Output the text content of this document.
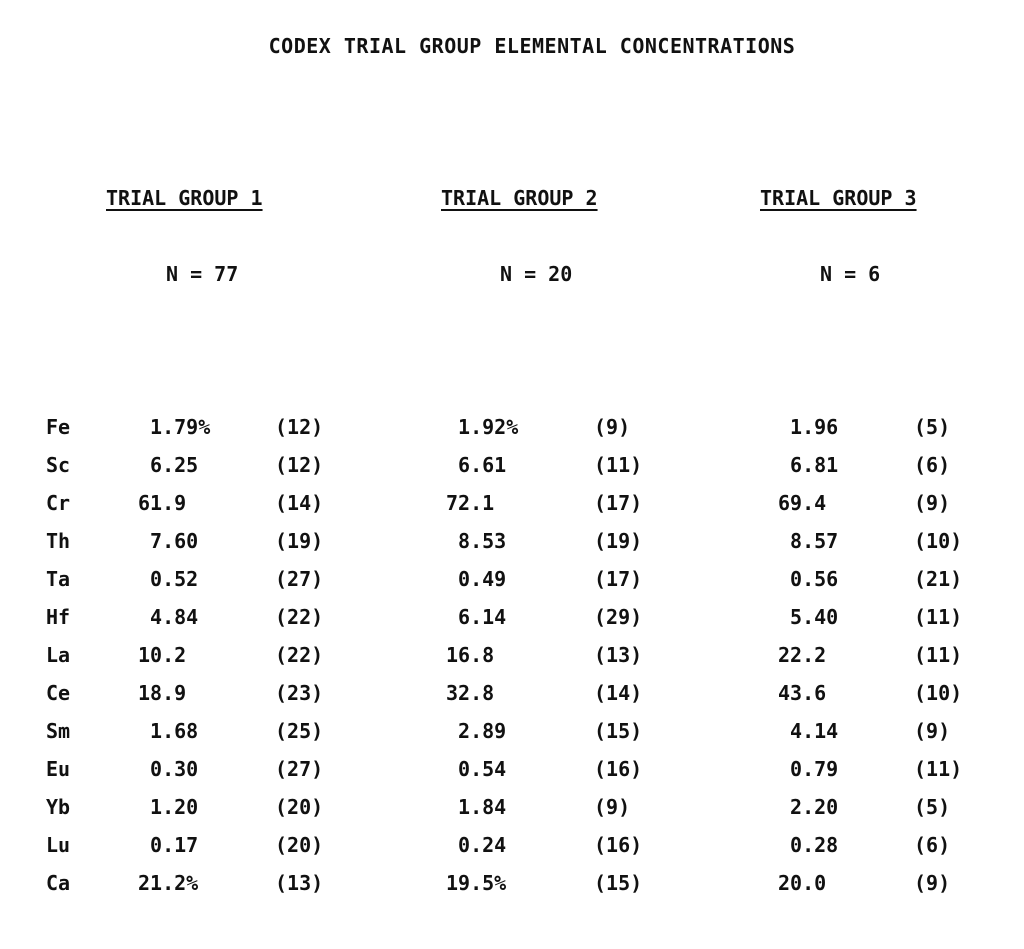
CODEX TRIAL GROUP ELEMENTAL CONCENTRATIONS
TRIAL GROUP 1	TRIAL GROUP 2	TRIAL GROUP 3
N = 77	N = 20	N = 6
Fe	1.79%	(12)	1.92%	(9)	1.96	(5)
Sc	6.25	(12)	6.61	(11)	6.81	(6)
Cr	61.9	(14)	72.1	(17)	69.4	(9)
Th	7.60	(19)	8.53	(19)	8.57	(10)
Ta	0.52	(27)	0.49	(17)	0.56	(21)
Hf	4.84	(22)	6.14	(29)	5.40	(11)
La	10.2	(22)	16.8	(13)	22.2	(11)
Ce	18.9	(23)	32.8	(14)	43.6	(10)
Sm	1.68	(25)	2.89	(15)	4.14	(9)
Eu	0.30	(27)	0.54	(16)	0.79	(11)
Yb	1.20	(20)	1.84	(9)	2.20	(5)
Lu	0.17	(20)	0.24	(16)	0.28	(6)
Ca	21.2%	(13)	19.5%	(15)	20.0	(9)
